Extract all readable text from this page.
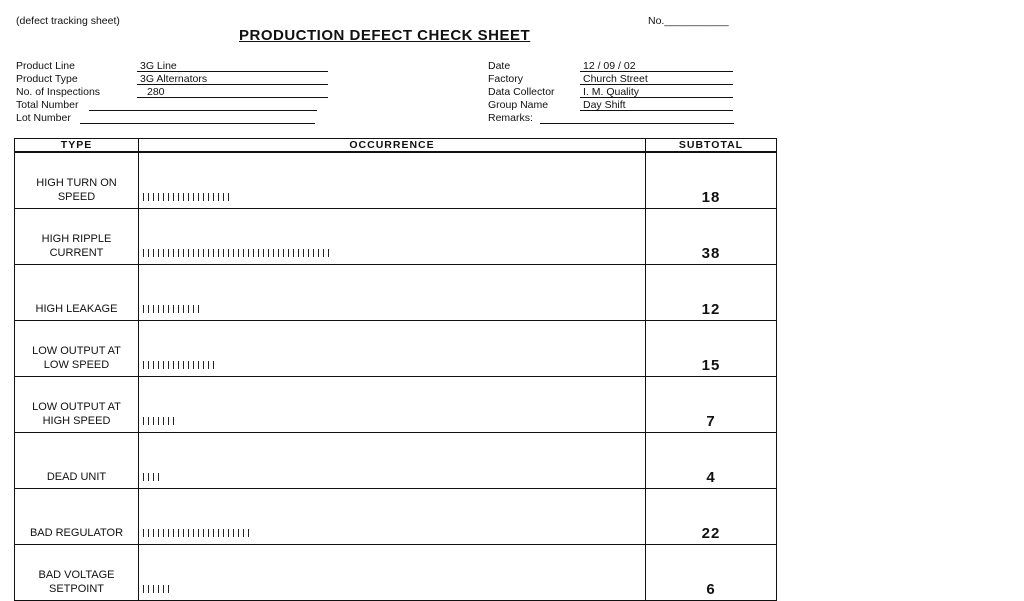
(defect tracking sheet)	No.___________
PRODUCTION DEFECT CHECK SHEET
Product Line	3G Line
Product Type	3G Alternators
No. of Inspections	280
Total Number
Lot Number
Date	12 / 09 / 02
Factory	Church Street
Data Collector	I. M. Quality
Group Name	Day Shift
Remarks:
TYPE	OCCURRENCE	SUBTOTAL

HIGH TURN ON
SPEED		18

HIGH RIPPLE
CURRENT		38

HIGH LEAKAGE		12

LOW OUTPUT AT
LOW SPEED		15

LOW OUTPUT AT
HIGH SPEED		7

DEAD UNIT		4

BAD REGULATOR		22

BAD VOLTAGE
SETPOINT		6
